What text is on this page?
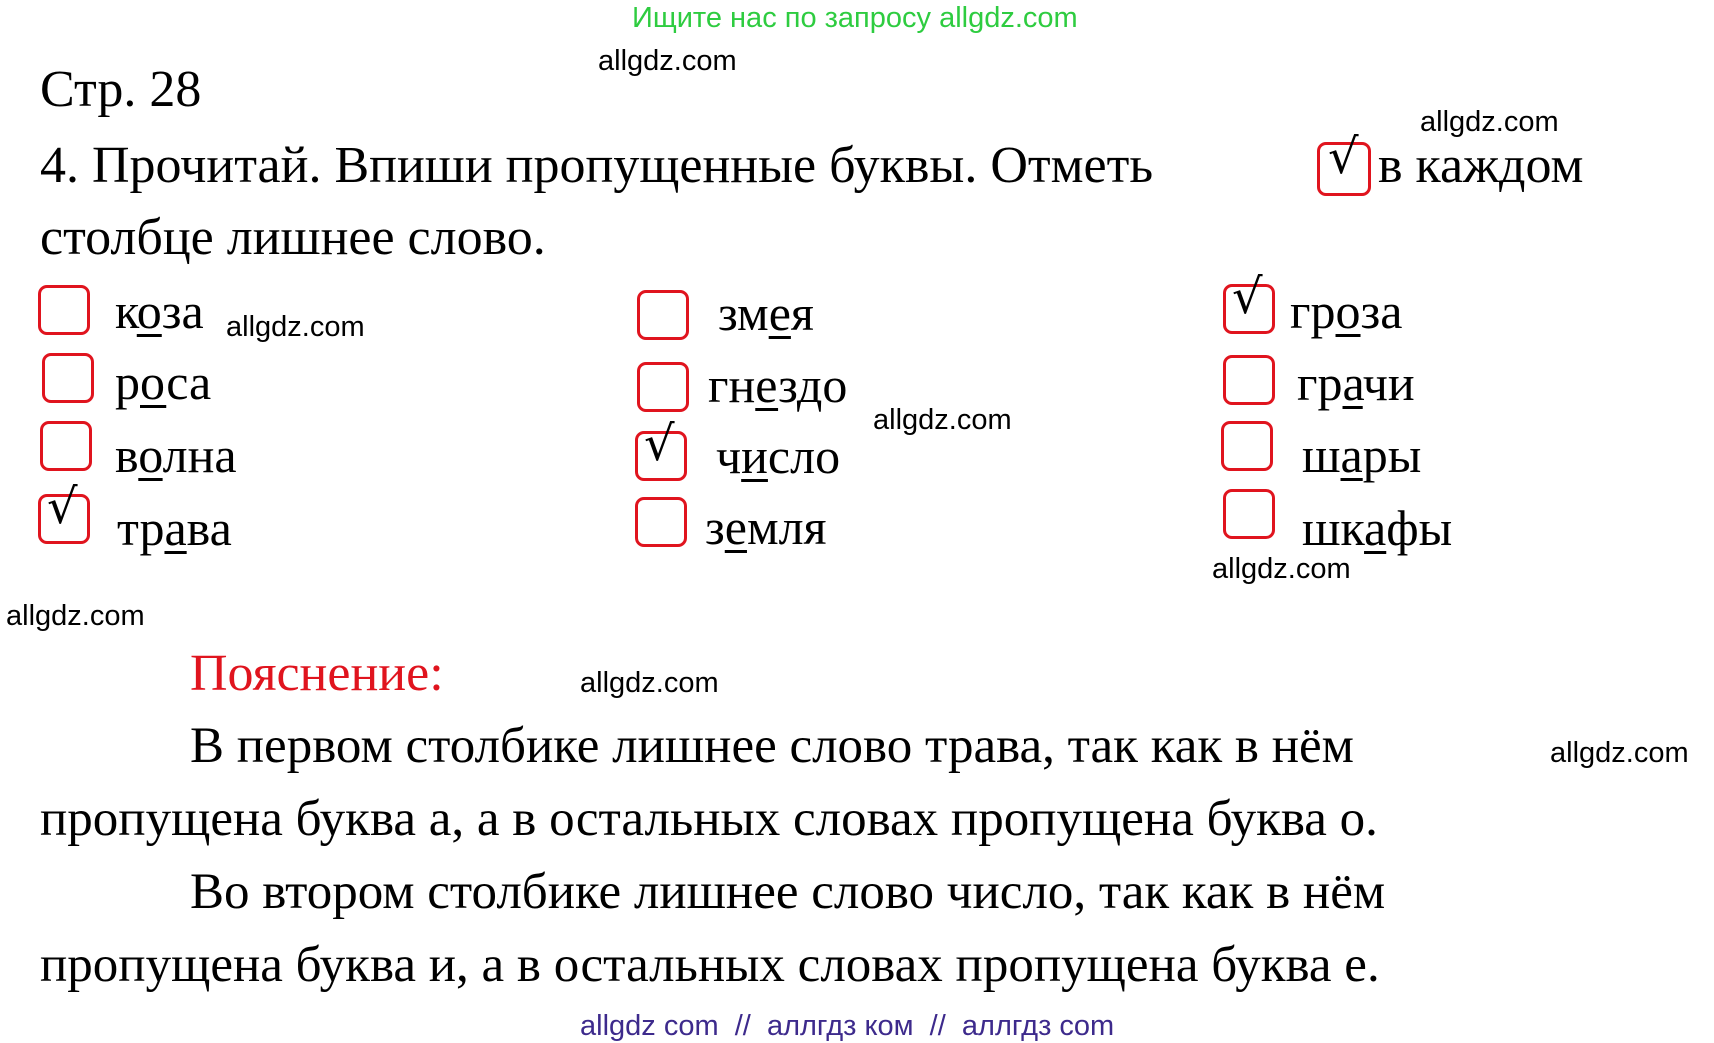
Ищите нас по запросу allgdz.com
allgdz.com
Стр. 28
allgdz.com
4. Прочитай. Впиши пропущенные буквы. Отметь	√ в каждом
столбце лишнее слово.
коза allgdz.com
роса
волна
√ трава
змея
гнездо
allgdz.com
√ число
земля
√ гроза
грачи
шары
шкафы
allgdz.com
allgdz.com
Пояснение:	allgdz.com
В первом столбике лишнее слово трава, так как в нём	allgdz.com
пропущена буква а, а в остальных словах пропущена буква о.
Во втором столбике лишнее слово число, так как в нём
пропущена буква и, а в остальных словах пропущена буква е.
allgdz com  //  аллгдз ком  //  аллгдз com
